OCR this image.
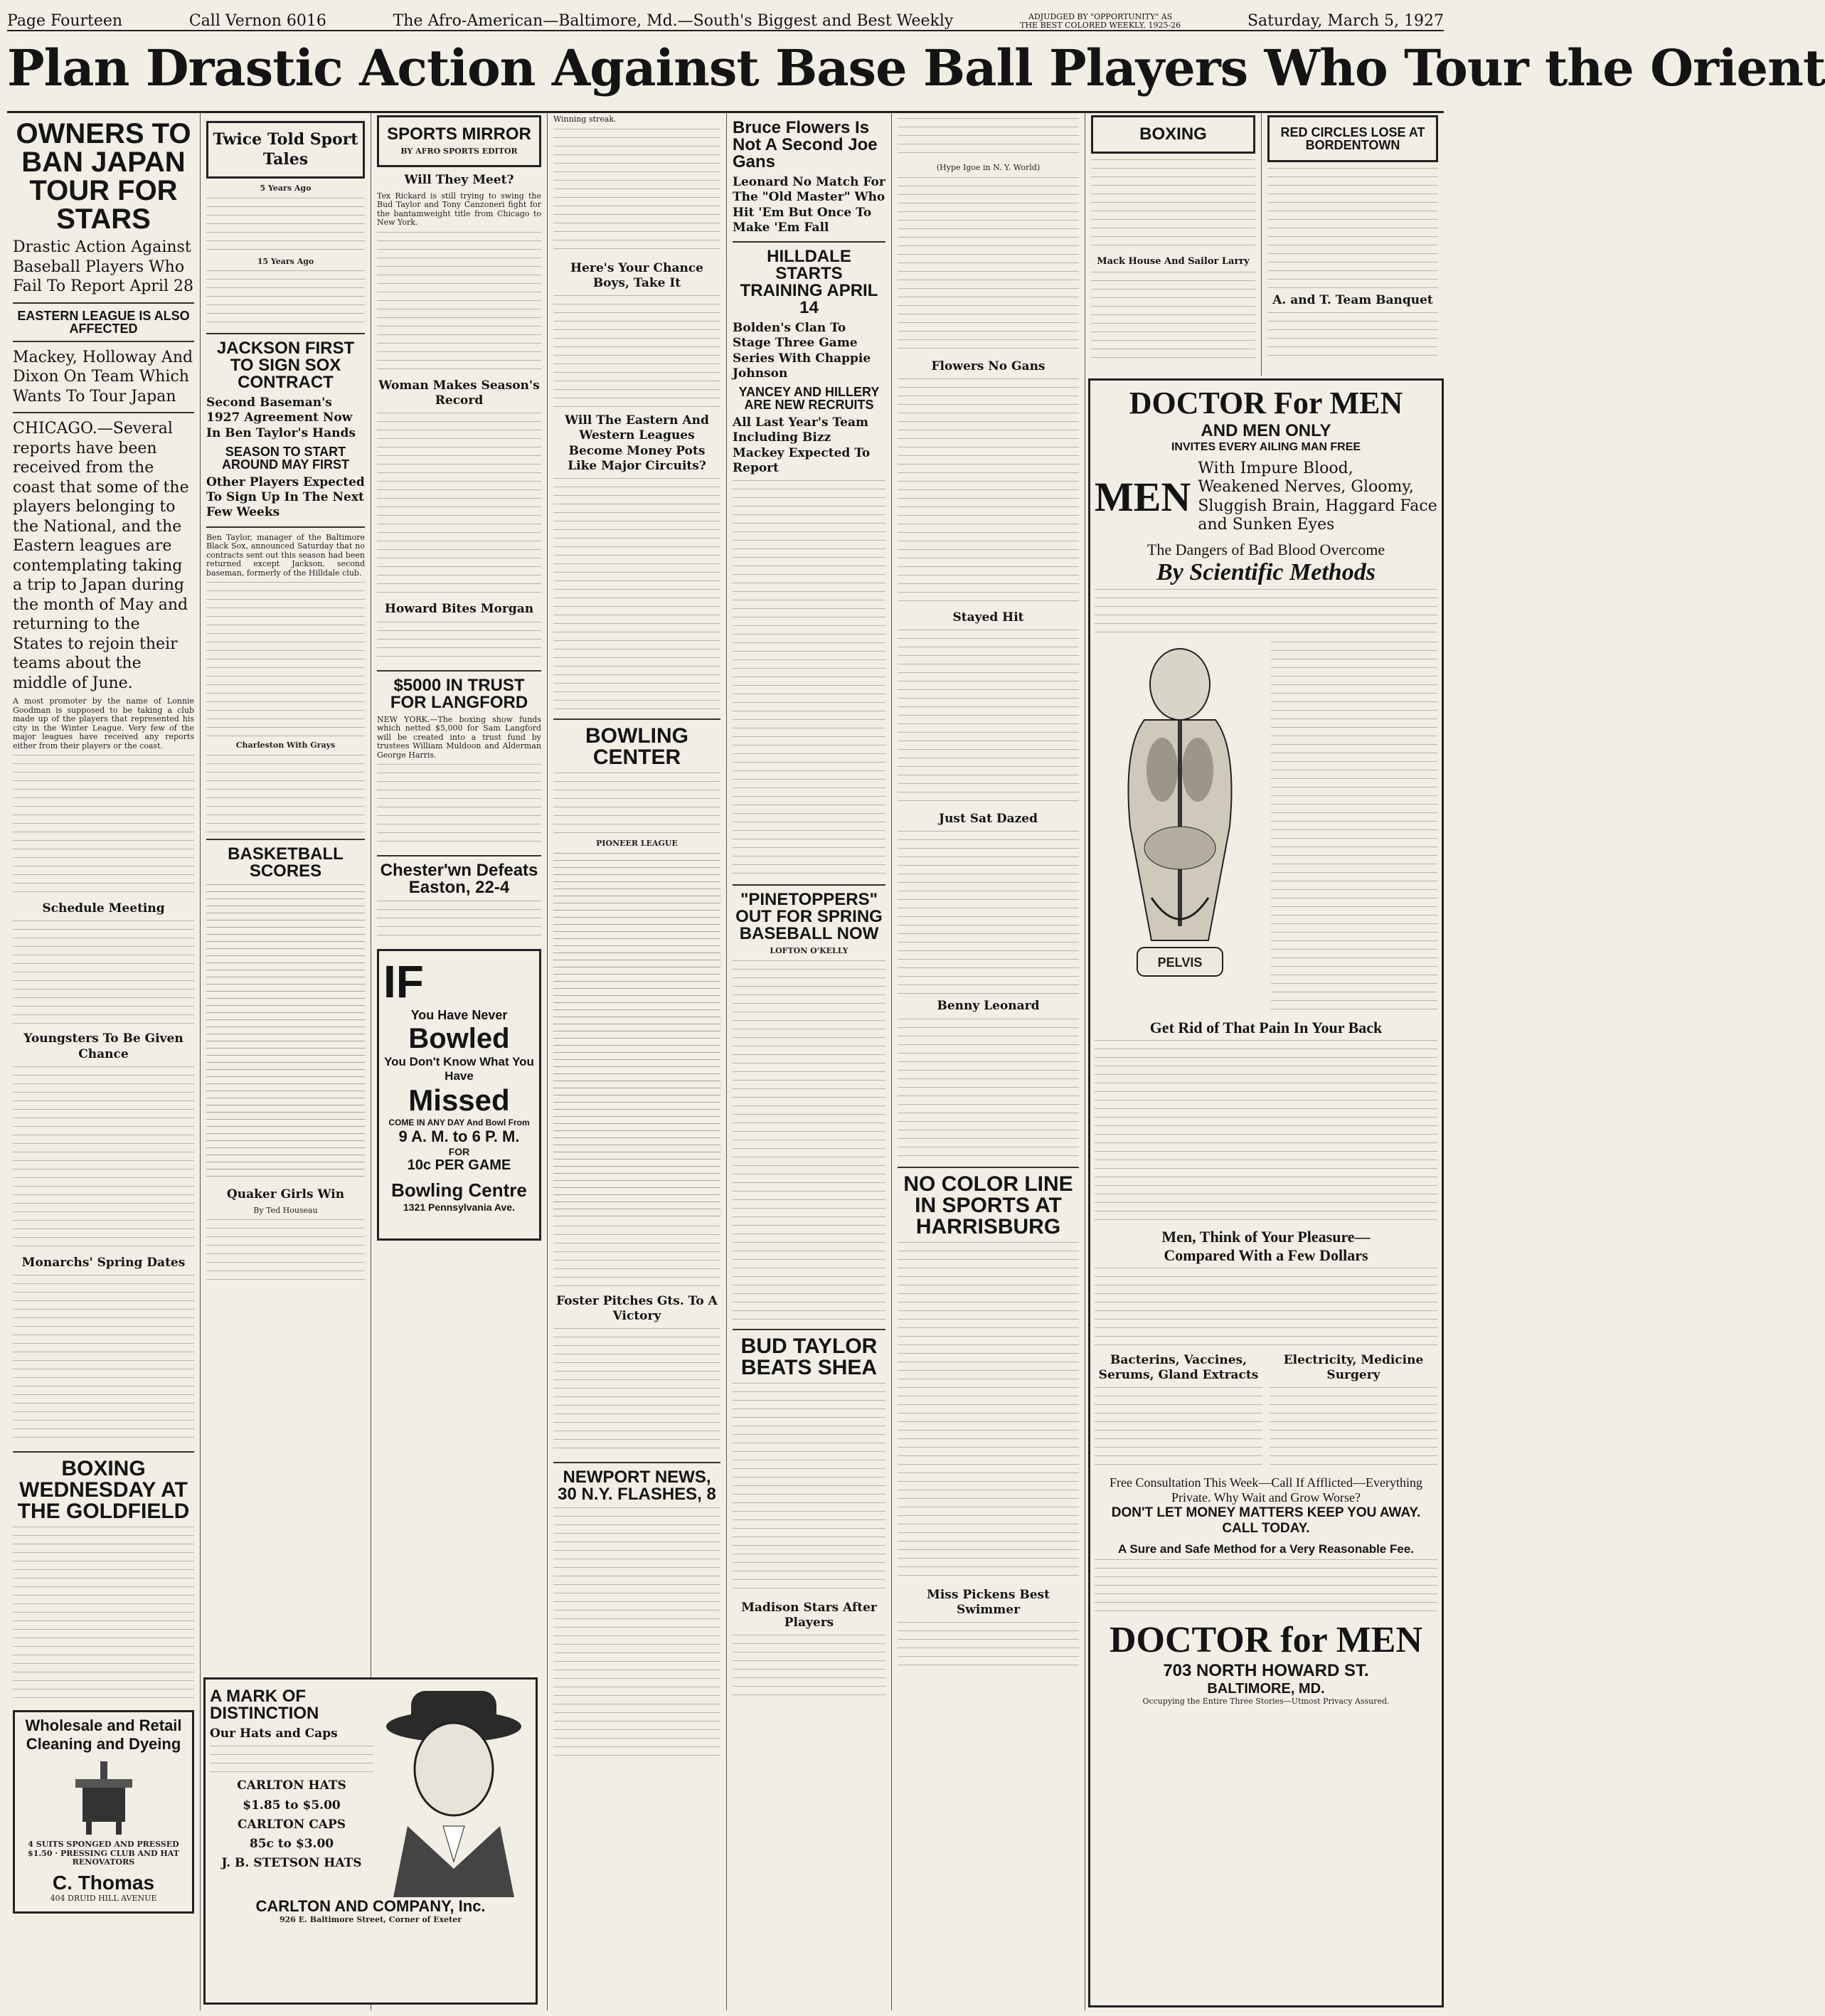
Page Fourteen	Call Vernon 6016	The Afro-American—Baltimore, Md.—South's Biggest and Best Weekly	ADJUDGED BY "OPPORTUNITY" AS
THE BEST COLORED WEEKLY, 1925-26	Saturday, March 5, 1927
Plan Drastic Action Against Base Ball Players Who Tour the Orient
OWNERS TO BAN JAPAN TOUR FOR STARS
Drastic Action Against Baseball Players Who Fail To Report April 28
EASTERN LEAGUE IS ALSO AFFECTED
Mackey, Holloway And Dixon On Team Which Wants To Tour Japan
CHICAGO.—Several reports have been received from the coast that some of the players belonging to the National, and the Eastern leagues are contemplating taking a trip to Japan during the month of May and returning to the States to rejoin their teams about the middle of June.

A most promoter by the name of Lonnie Goodman is supposed to be taking a club made up of the players that represented his city in the Winter League. Very few of the major leagues have received any reports either from their players or the coast.

Schedule Meeting
Youngsters To Be Given Chance
Monarchs' Spring Dates
BOXING WEDNESDAY AT THE GOLDFIELD
Wholesale and Retail Cleaning and Dyeing
4 SUITS SPONGED AND PRESSED $1.50 · PRESSING CLUB AND HAT RENOVATORS
C. Thomas
404 DRUID HILL AVENUE
Twice Told Sport Tales
5 Years Ago
15 Years Ago
JACKSON FIRST TO SIGN SOX CONTRACT
Second Baseman's 1927 Agreement Now In Ben Taylor's Hands
SEASON TO START AROUND MAY FIRST
Other Players Expected To Sign Up In The Next Few Weeks

Ben Taylor, manager of the Baltimore Black Sox, announced Saturday that no contracts sent out this season had been returned except Jackson, second baseman, formerly of the Hilldale club.

Charleston With Grays
BASKETBALL SCORES
Quaker Girls Win
By Ted Houseau
A MARK OF DISTINCTION
Our Hats and Caps
CARLTON HATS
$1.85 to $5.00
CARLTON CAPS
85c to $3.00
J. B. STETSON HATS
CARLTON AND COMPANY, Inc.
926 E. Baltimore Street, Corner of Exeter
SPORTS MIRROR
BY AFRO SPORTS EDITOR
Will They Meet?

Tex Rickard is still trying to swing the Bud Taylor and Tony Canzoneri fight for the bantamweight title from Chicago to New York.

Woman Makes Season's Record
Howard Bites Morgan
$5000 IN TRUST FOR LANGFORD

NEW YORK.—The boxing show funds which netted $5,000 for Sam Langford will be created into a trust fund by trustees William Muldoon and Alderman George Harris.

Chester'wn Defeats Easton, 22-4
IF
You Have Never
Bowled
You Don't Know What You Have
Missed
COME IN ANY DAY And Bowl From
9 A. M. to 6 P. M.
FOR
10c PER GAME
Bowling Centre
1321 Pennsylvania Ave.
Winning streak.
Here's Your Chance Boys, Take It
Will The Eastern And Western Leagues Become Money Pots Like Major Circuits?
BOWLING CENTER
PIONEER LEAGUE
Foster Pitches Gts. To A Victory
NEWPORT NEWS, 30 N.Y. FLASHES, 8
Bruce Flowers Is Not A Second Joe Gans
Leonard No Match For The "Old Master" Who Hit 'Em But Once To Make 'Em Fall
HILLDALE STARTS TRAINING APRIL 14
Bolden's Clan To Stage Three Game Series With Chappie Johnson
YANCEY AND HILLERY ARE NEW RECRUITS
All Last Year's Team Including Bizz Mackey Expected To Report
"PINETOPPERS" OUT FOR SPRING BASEBALL NOW
LOFTON O'KELLY
BUD TAYLOR BEATS SHEA
Madison Stars After Players
(Hype Igoe in N. Y. World)
Flowers No Gans
Stayed Hit
Just Sat Dazed
Benny Leonard
NO COLOR LINE IN SPORTS AT HARRISBURG
Miss Pickens Best Swimmer
BOXING
Mack House And Sailor Larry
RED CIRCLES LOSE AT BORDENTOWN
A. and T. Team Banquet
DOCTOR For MEN
AND MEN ONLY
INVITES EVERY AILING MAN FREE
MEN
With Impure Blood, Weakened Nerves, Gloomy, Sluggish Brain, Haggard Face and Sunken Eyes
The Dangers of Bad Blood Overcome
By Scientific Methods
PELVIS
Get Rid of That Pain In Your Back
Men, Think of Your Pleasure—
Compared With a Few Dollars
Bacterins, Vaccines, Serums, Gland Extracts
Electricity, Medicine Surgery
Free Consultation This Week—Call If Afflicted—Everything Private. Why Wait and Grow Worse?
DON'T LET MONEY MATTERS KEEP YOU AWAY. CALL TODAY.
A Sure and Safe Method for a Very Reasonable Fee.
DOCTOR for MEN
703 NORTH HOWARD ST.
BALTIMORE, MD.
Occupying the Entire Three Stories—Utmost Privacy Assured.
